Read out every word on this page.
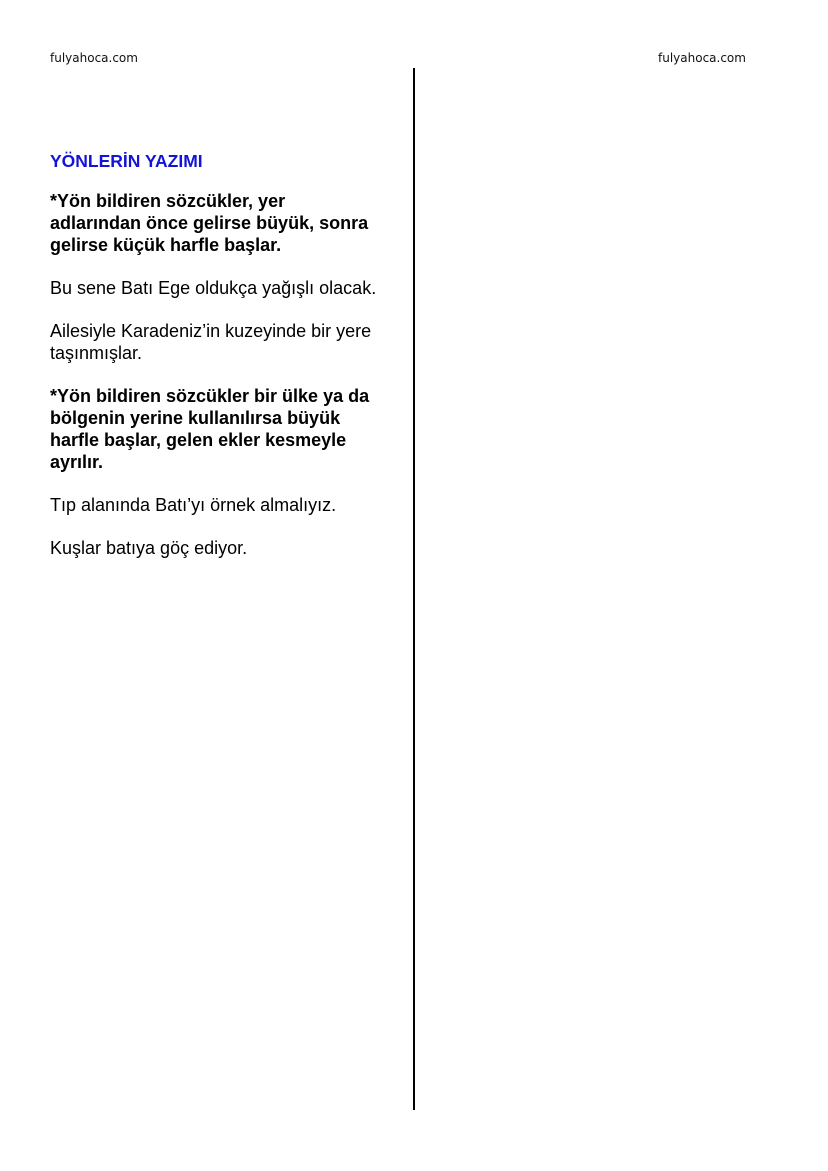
fulyahoca.com	fulyahoca.com
YÖNLERİN YAZIMI
*Yön bildiren sözcükler, yer adlarından önce gelirse büyük, sonra gelirse küçük harfle başlar.
Bu sene Batı Ege oldukça yağışlı olacak.
Ailesiyle Karadeniz’in kuzeyinde bir yere taşınmışlar.
*Yön bildiren sözcükler bir ülke ya da bölgenin yerine kullanılırsa büyük harfle başlar, gelen ekler kesmeyle ayrılır.
Tıp alanında Batı’yı örnek almalıyız.
Kuşlar batıya göç ediyor.
